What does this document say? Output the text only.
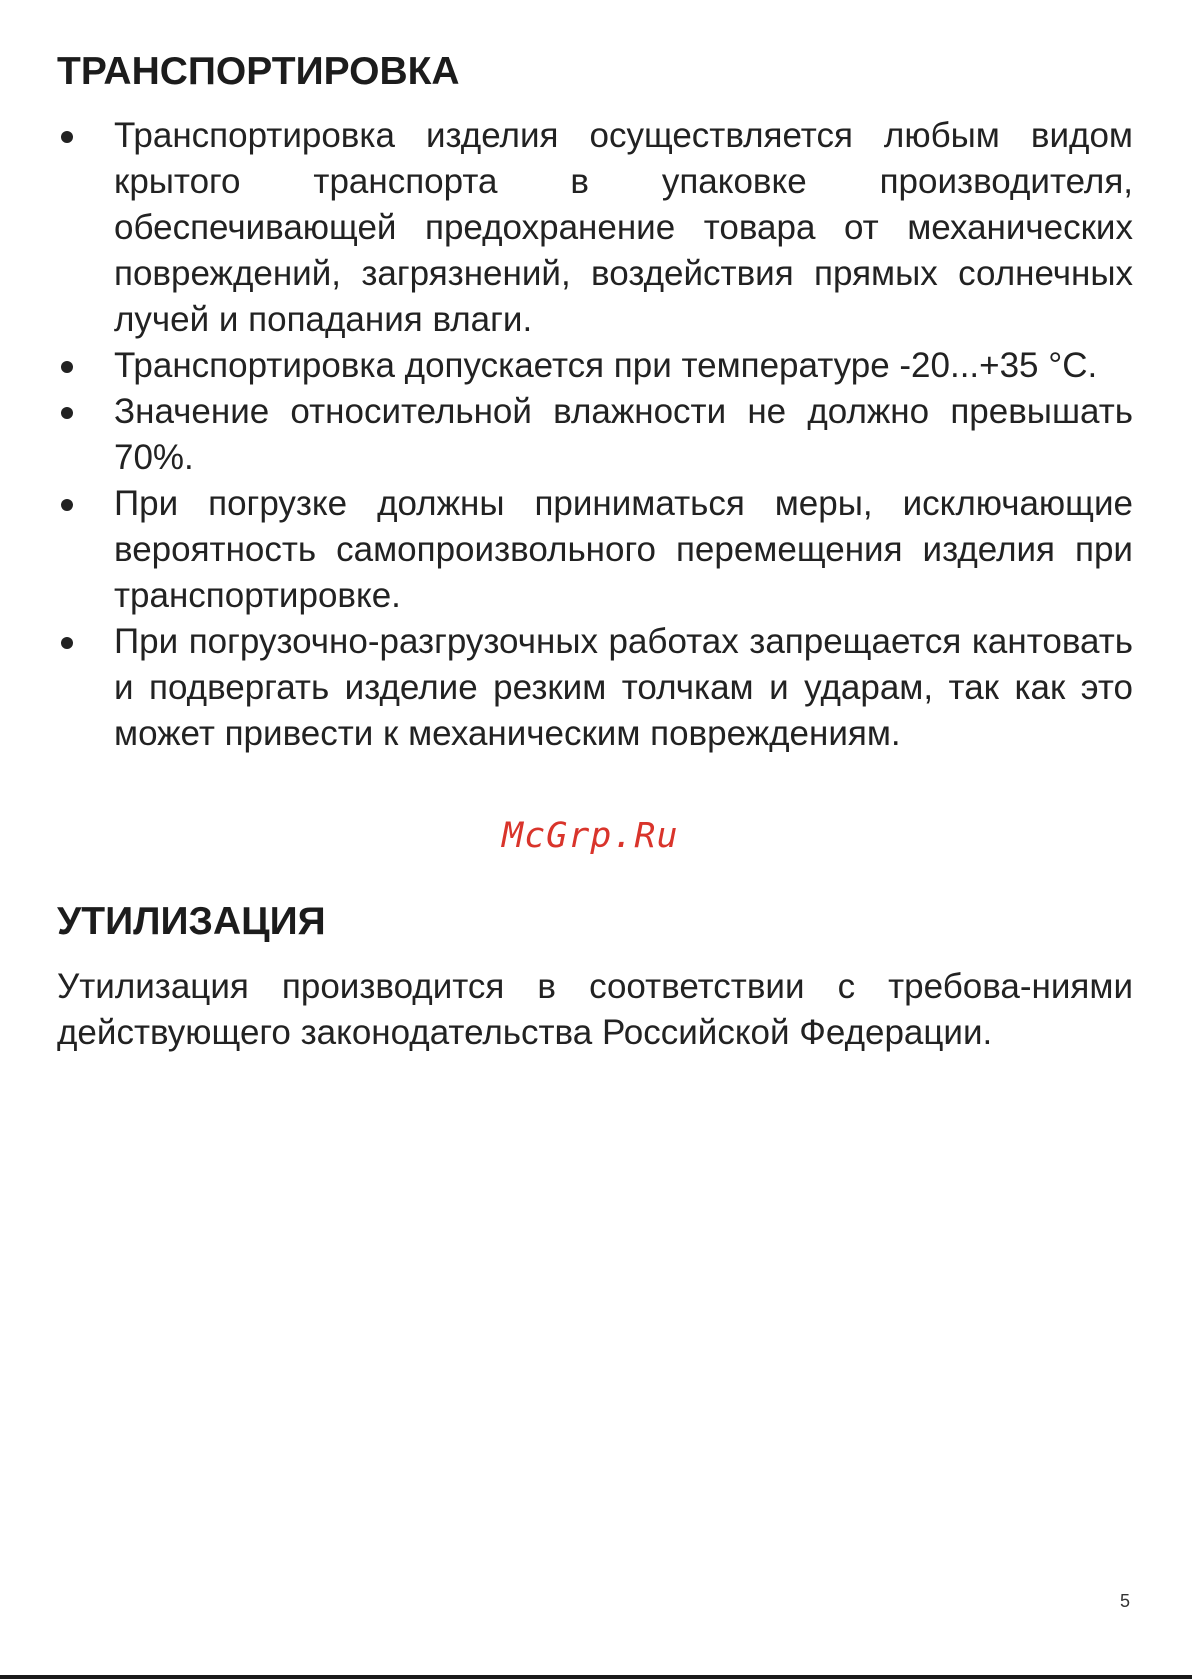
ТРАНСПОРТИРОВКА
Транспортировка изделия осуществляется любым видом крытого транспорта в упаковке производителя, обеспечивающей предохранение товара от механических повреждений, загрязнений, воздействия прямых солнечных лучей и попадания влаги.
Транспортировка допускается при температуре -20...+35 °С.
Значение относительной влажности не должно превышать 70%.
При погрузке должны приниматься меры, исключающие вероятность самопроизвольного перемещения изделия при транспортировке.
При погрузочно-разгрузочных работах запрещается кантовать и подвергать изделие резким толчкам и ударам, так как это может привести к механическим повреждениям.
McGrp.Ru
УТИЛИЗАЦИЯ

Утилизация производится в соответствии с требова-ниями действующего законодательства Российской Федерации.

5
